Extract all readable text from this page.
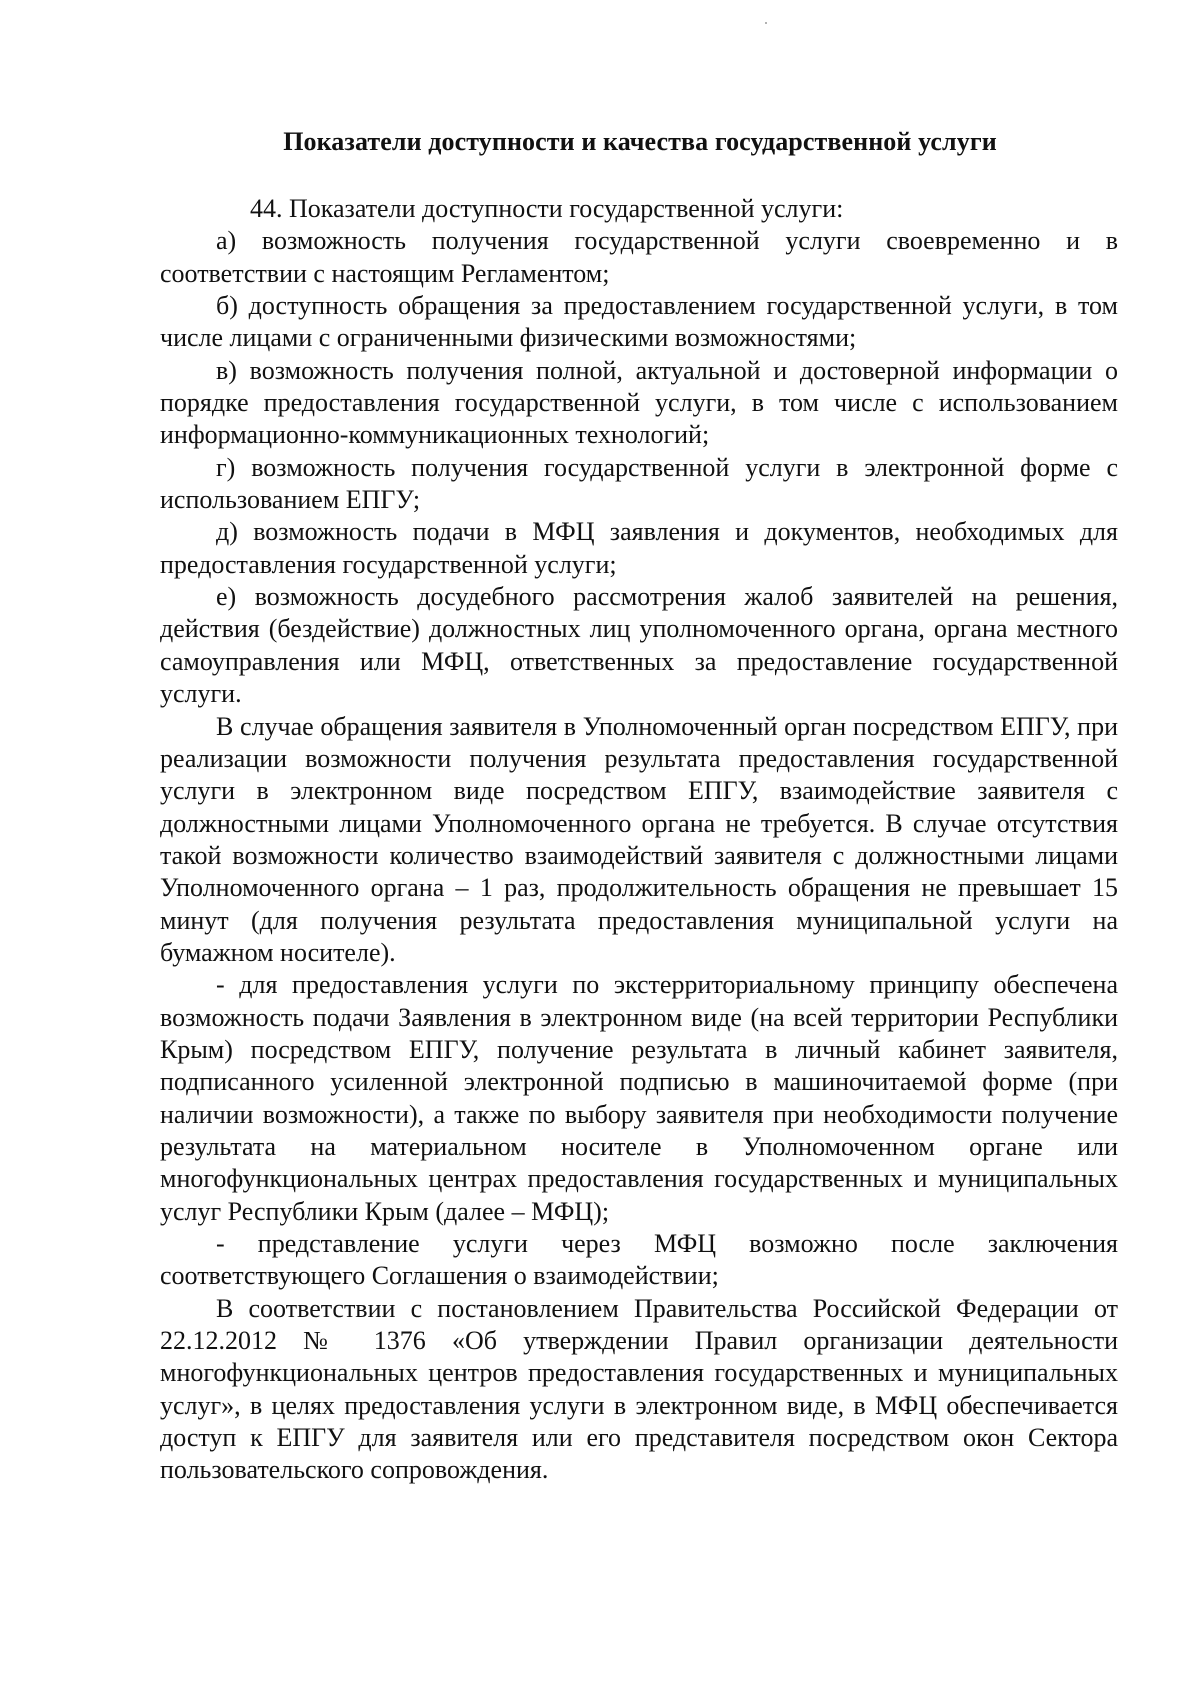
Показатели доступности и качества государственной услуги

44. Показатели доступности государственной услуги:

а) возможность получения государственной услуги своевременно и в соответствии с настоящим Регламентом;

б) доступность обращения за предоставлением государственной услуги, в том числе лицами с ограниченными физическими возможностями;

в) возможность получения полной, актуальной и достоверной информации о порядке предоставления государственной услуги, в том числе с использованием информационно-коммуникационных технологий;

г) возможность получения государственной услуги в электронной форме с использованием ЕПГУ;

д) возможность подачи в МФЦ заявления и документов, необходимых для предоставления государственной услуги;

е) возможность досудебного рассмотрения жалоб заявителей на решения, действия (бездействие) должностных лиц уполномоченного органа, органа местного самоуправления или МФЦ, ответственных за предоставление государственной услуги.

В случае обращения заявителя в Уполномоченный орган посредством ЕПГУ, при реализации возможности получения результата предоставления государственной услуги в электронном виде посредством ЕПГУ, взаимодействие заявителя с должностными лицами Уполномоченного органа не требуется. В случае отсутствия такой возможности количество взаимодействий заявителя с должностными лицами Уполномоченного органа – 1 раз, продолжительность обращения не превышает 15 минут (для получения результата предоставления муниципальной услуги на бумажном носителе).

- для предоставления услуги по экстерриториальному принципу обеспечена возможность подачи Заявления в электронном виде (на всей территории Республики Крым) посредством ЕПГУ, получение результата в личный кабинет заявителя, подписанного усиленной электронной подписью в машиночитаемой форме (при наличии возможности), а также по выбору заявителя при необходимости получение результата на материальном носителе в Уполномоченном органе или многофункциональных центрах предоставления государственных и муниципальных услуг Республики Крым (далее – МФЦ);

- представление услуги через МФЦ возможно после заключения соответствующего Соглашения о взаимодействии;

В соответствии с постановлением Правительства Российской Федерации от 22.12.2012 № 1376 «Об утверждении Правил организации деятельности многофункциональных центров предоставления государственных и муниципальных услуг», в целях предоставления услуги в электронном виде, в МФЦ обеспечивается доступ к ЕПГУ для заявителя или его представителя посредством окон Сектора пользовательского сопровождения.
